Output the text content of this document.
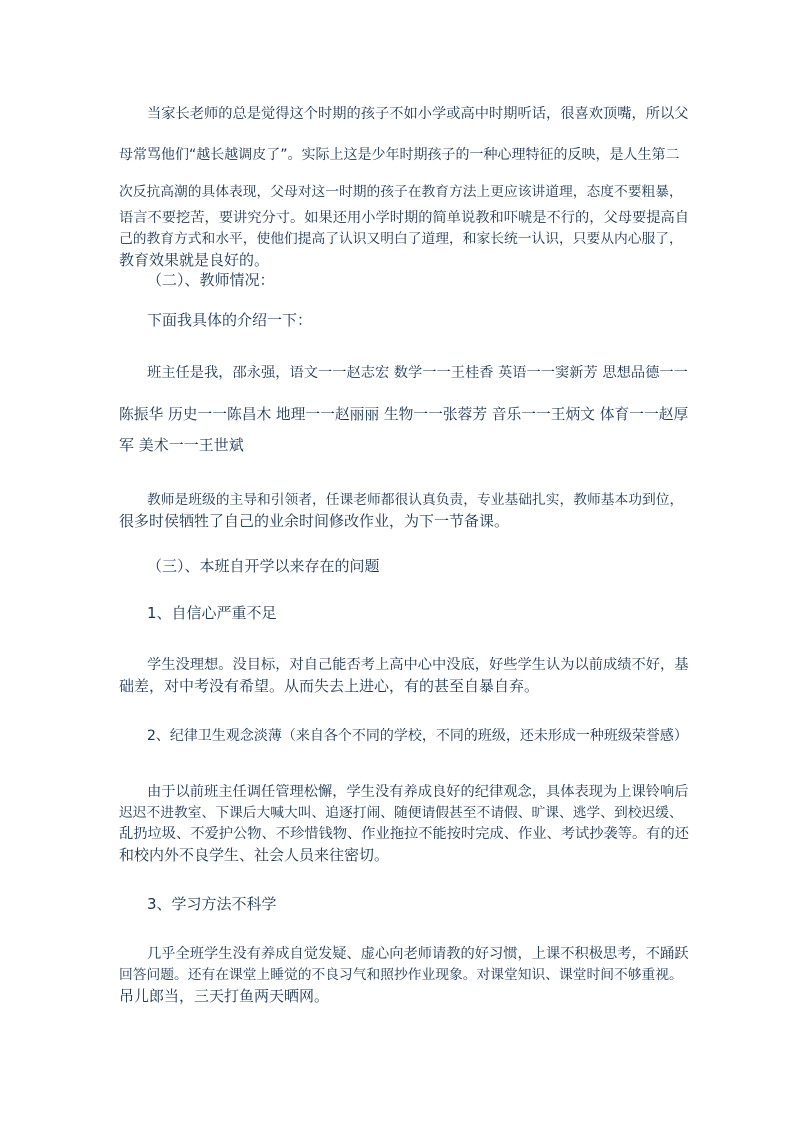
当家长老师的总是觉得这个时期的孩子不如小学或高中时期听话，很喜欢顶嘴，所以父
母常骂他们“越长越调皮了”。实际上这是少年时期孩子的一种心理特征的反映，是人生第二
次反抗高潮的具体表现，父母对这一时期的孩子在教育方法上更应该讲道理，态度不要粗暴，
语言不要挖苦，要讲究分寸。如果还用小学时期的简单说教和吓唬是不行的，父母要提高自
己的教育方式和水平，使他们提高了认识又明白了道理，和家长统一认识，只要从内心服了，
教育效果就是良好的。
（二）、教师情况：
下面我具体的介绍一下：
班主任是我，邵永强，语文一一赵志宏 数学一一王桂香 英语一一窦新芳 思想品德一一
陈振华 历史一一陈昌木 地理一一赵丽丽 生物一一张蓉芳 音乐一一王炳文 体育一一赵厚
军 美术一一王世斌
教师是班级的主导和引领者，任课老师都很认真负责，专业基础扎实，教师基本功到位，
很多时侯牺牲了自己的业余时间修改作业，为下一节备课。
（三）、本班自开学以来存在的问题
1、自信心严重不足
学生没理想。没目标，对自己能否考上高中心中没底，好些学生认为以前成绩不好，基
础差，对中考没有希望。从而失去上进心，有的甚至自暴自弃。
2、纪律卫生观念淡薄（来自各个不同的学校，不同的班级，还未形成一种班级荣誉感）
由于以前班主任调任管理松懈，学生没有养成良好的纪律观念，具体表现为上课铃响后
迟迟不进教室、下课后大喊大叫、追逐打闹、随便请假甚至不请假、旷课、逃学、到校迟缓、
乱扔垃圾、不爱护公物、不珍惜钱物、作业拖拉不能按时完成、作业、考试抄袭等。有的还
和校内外不良学生、社会人员来往密切。
3、学习方法不科学
几乎全班学生没有养成自觉发疑、虚心向老师请教的好习惯，上课不积极思考，不踊跃
回答问题。还有在课堂上睡觉的不良习气和照抄作业现象。对课堂知识、课堂时间不够重视。
吊儿郎当，三天打鱼两天晒网。
